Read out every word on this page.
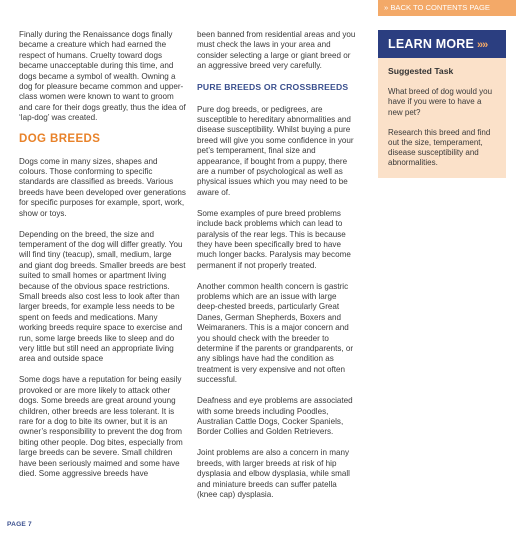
» BACK TO CONTENTS PAGE

Finally during the Renaissance dogs finally became a creature which had earned the respect of humans. Cruelty toward dogs became unacceptable during this time, and dogs became a symbol of wealth. Owning a dog for pleasure became common and upper-class women were known to want to groom and care for their dogs greatly, thus the idea of ‘lap-dog’ was created.

DOG BREEDS

Dogs come in many sizes, shapes and colours. Those conforming to specific standards are classified as breeds. Various breeds have been developed over generations for specific purposes for example, sport, work, show or toys.

Depending on the breed, the size and temperament of the dog will differ greatly. You will find tiny (teacup), small, medium, large and giant dog breeds. Smaller breeds are best suited to small homes or apartment living because of the obvious space restrictions. Small breeds also cost less to look after than larger breeds, for example less needs to be spent on feeds and medications. Many working breeds require space to exercise and run, some large breeds like to sleep and do very little but still need an appropriate living area and outside space

Some dogs have a reputation for being easily provoked or are more likely to attack other dogs. Some breeds are great around young children, other breeds are less tolerant. It is rare for a dog to bite its owner, but it is an owner’s responsibility to prevent the dog from biting other people. Dog bites, especially from large breeds can be severe. Small children have been seriously maimed and some have died. Some aggressive breeds have

been banned from residential areas and you must check the laws in your area and consider selecting a large or giant breed or an aggressive breed very carefully.

PURE BREEDS OR CROSSBREEDS

Pure dog breeds, or pedigrees, are susceptible to hereditary abnormalities and disease susceptibility. Whilst buying a pure breed will give you some confidence in your pet’s temperament, final size and appearance, if bought from a puppy, there are a number of psychological as well as physical issues which you may need to be aware of.

Some examples of pure breed problems include back problems which can lead to paralysis of the rear legs. This is because they have been specifically bred to have much longer backs. Paralysis may become permanent if not properly treated.

Another common health concern is gastric problems which are an issue with large deep-chested breeds, particularly Great Danes, German Shepherds, Boxers and Weimaraners. This is a major concern and you should check with the breeder to determine if the parents or grandparents, or any siblings have had the condition as treatment is very expensive and not often successful.

Deafness and eye problems are associated with some breeds including Poodles, Australian Cattle Dogs, Cocker Spaniels, Border Collies and Golden Retrievers.

Joint problems are also a concern in many breeds, with larger breeds at risk of hip dysplasia and elbow dysplasia, while small and miniature breeds can suffer patella (knee cap) dysplasia.

LEARN MORE »»
Suggested Task

What breed of dog would you have if you were to have a new pet?

Research this breed and find out the size, temperament, disease susceptibility and abnormalities.

PAGE 7
